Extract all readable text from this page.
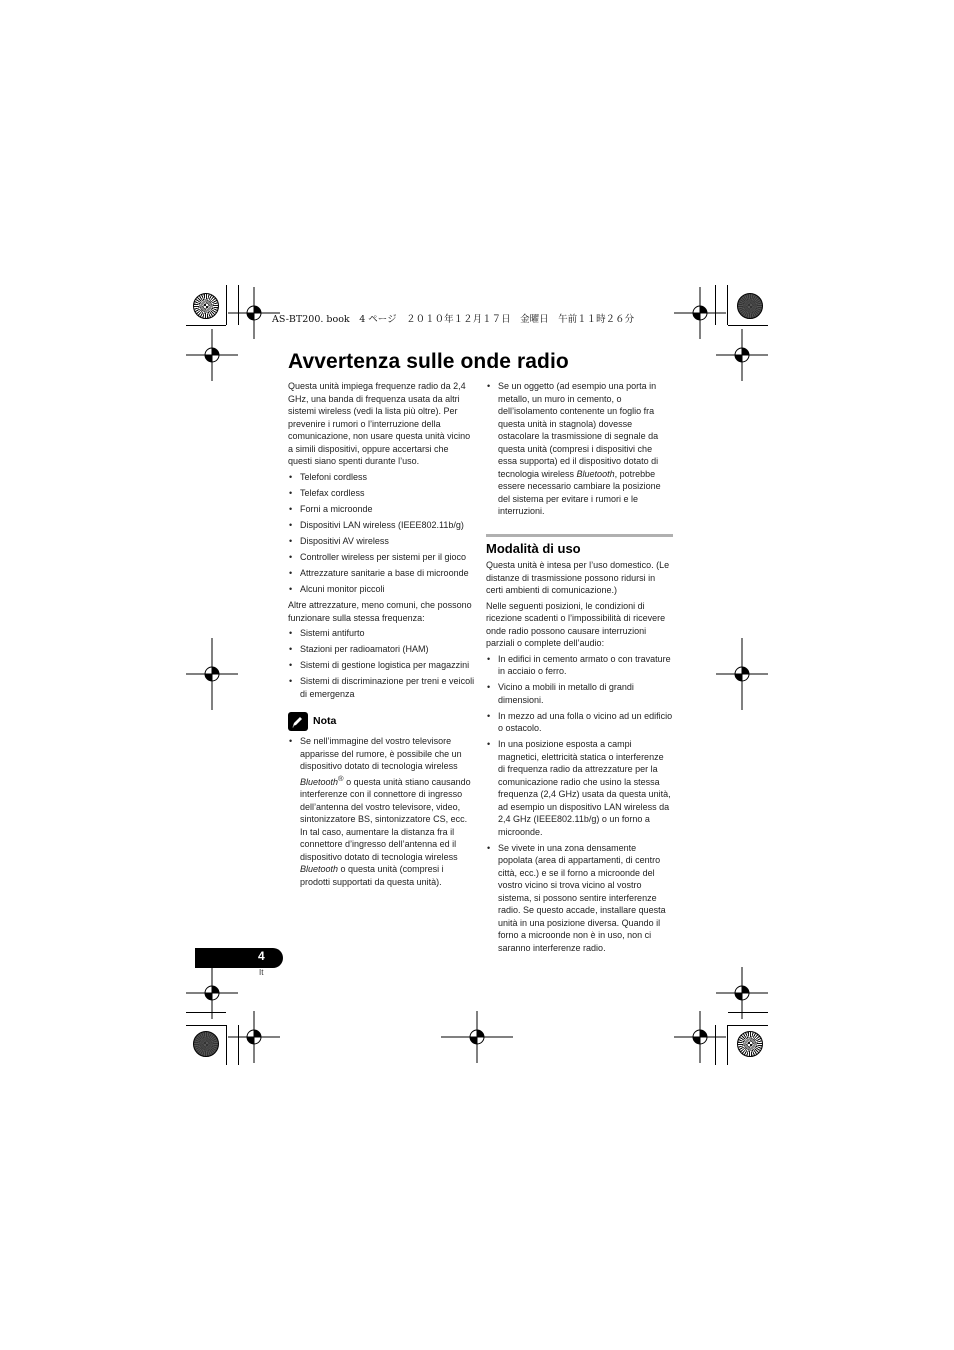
AS-BT200. book　4 ページ　２０１０年１２月１７日　金曜日　午前１１時２６分
Avvertenza sulle onde radio

Questa unità impiega frequenze radio da 2,4 GHz, una banda di frequenza usata da altri sistemi wireless (vedi la lista più oltre). Per prevenire i rumori o l’interruzione della comunicazione, non usare questa unità vicino a simili dispositivi, oppure accertarsi che questi siano spenti durante l’uso.

• Telefoni cordless
• Telefax cordless
• Forni a microonde
• Dispositivi LAN wireless (IEEE802.11b/g)
• Dispositivi AV wireless
• Controller wireless per sistemi per il gioco
• Attrezzature sanitarie a base di microonde
• Alcuni monitor piccoli

Altre attrezzature, meno comuni, che possono funzionare sulla stessa frequenza:

• Sistemi antifurto
• Stazioni per radioamatori (HAM)
• Sistemi di gestione logistica per magazzini
• Sistemi di discriminazione per treni e veicoli di emergenza
Nota
• Se nell’immagine del vostro televisore apparisse del rumore, è possibile che un dispositivo dotato di tecnologia wireless Bluetooth® o questa unità stiano causando interferenze con il connettore di ingresso dell’antenna del vostro televisore, video, sintonizzatore BS, sintonizzatore CS, ecc. In tal caso, aumentare la distanza fra il connettore d’ingresso dell’antenna ed il dispositivo dotato di tecnologia wireless Bluetooth o questa unità (compresi i prodotti supportati da questa unità).
• Se un oggetto (ad esempio una porta in metallo, un muro in cemento, o dell’isolamento contenente un foglio fra questa unità in stagnola) dovesse ostacolare la trasmissione di segnale da questa unità (compresi i dispositivi che essa supporta) ed il dispositivo dotato di tecnologia wireless Bluetooth, potrebbe essere necessario cambiare la posizione del sistema per evitare i rumori e le interruzioni.
Modalità di uso

Questa unità è intesa per l’uso domestico. (Le distanze di trasmissione possono ridursi in certi ambienti di comunicazione.)

Nelle seguenti posizioni, le condizioni di ricezione scadenti o l’impossibilità di ricevere onde radio possono causare interruzioni parziali o complete dell’audio:

• In edifici in cemento armato o con travature in acciaio o ferro.
• Vicino a mobili in metallo di grandi dimensioni.
• In mezzo ad una folla o vicino ad un edificio o ostacolo.
• In una posizione esposta a campi magnetici, elettricità statica o interferenze di frequenza radio da attrezzature per la comunicazione radio che usino la stessa frequenza (2,4 GHz) usata da questa unità, ad esempio un dispositivo LAN wireless da 2,4 GHz (IEEE802.11b/g) o un forno a microonde.
• Se vivete in una zona densamente popolata (area di appartamenti, di centro città, ecc.) e se il forno a microonde del vostro vicino si trova vicino al vostro sistema, si possono sentire interferenze radio. Se questo accade, installare questa unità in una posizione diversa. Quando il forno a microonde non è in uso, non ci saranno interferenze radio.
4
It
